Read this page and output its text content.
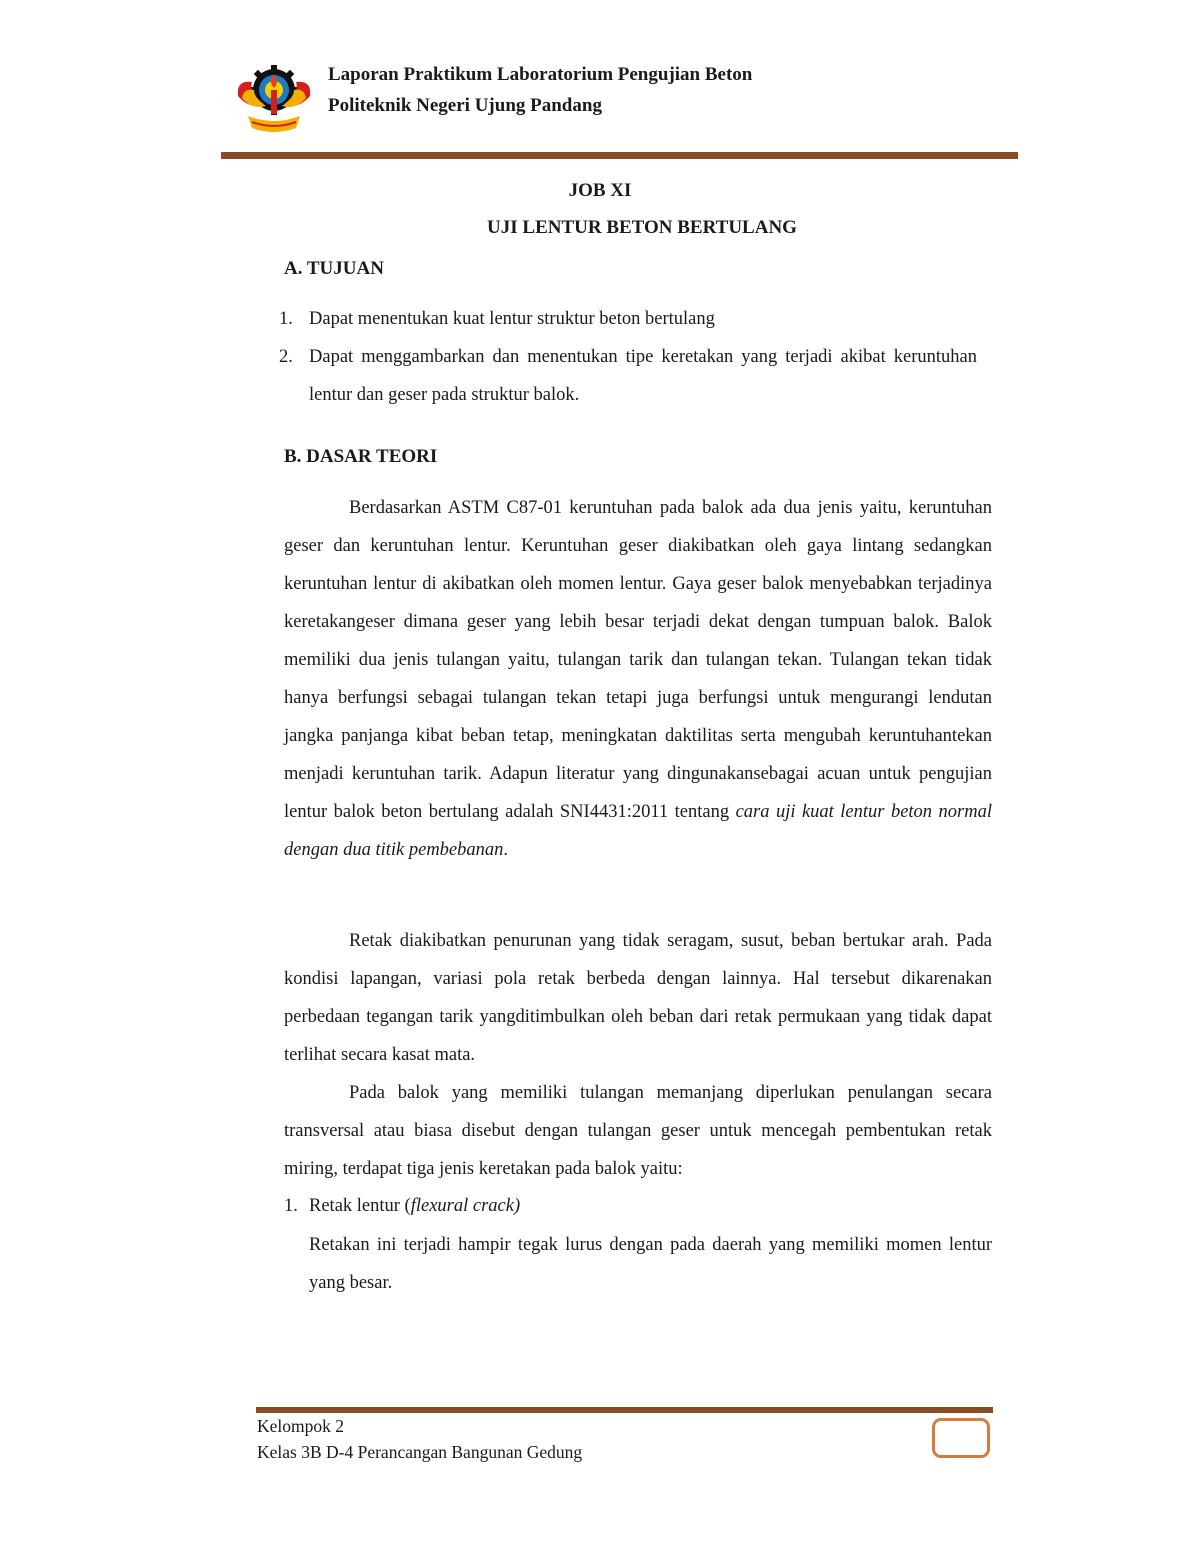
Laporan Praktikum Laboratorium Pengujian Beton
Politeknik Negeri Ujung Pandang
JOB XI
UJI LENTUR BETON BERTULANG
A. TUJUAN
1. Dapat menentukan kuat lentur struktur beton bertulang
2. Dapat menggambarkan dan menentukan tipe keretakan yang terjadi akibat keruntuhan lentur dan geser pada struktur balok.
B. DASAR TEORI
Berdasarkan ASTM C87-01 keruntuhan pada balok ada dua jenis yaitu, keruntuhan geser dan keruntuhan lentur. Keruntuhan geser diakibatkan oleh gaya lintang sedangkan keruntuhan lentur di akibatkan oleh momen lentur. Gaya geser balok menyebabkan terjadinya keretakangeser dimana geser yang lebih besar terjadi dekat dengan tumpuan balok. Balok memiliki dua jenis tulangan yaitu, tulangan tarik dan tulangan tekan. Tulangan tekan tidak hanya berfungsi sebagai tulangan tekan tetapi juga berfungsi untuk mengurangi lendutan jangka panjanga kibat beban tetap, meningkatan daktilitas serta mengubah keruntuhantekan menjadi keruntuhan tarik. Adapun literatur yang dingunakansebagai acuan untuk pengujian lentur balok beton bertulang adalah SNI4431:2011 tentang cara uji kuat lentur beton normal dengan dua titik pembebanan.
Retak diakibatkan penurunan yang tidak seragam, susut, beban bertukar arah. Pada kondisi lapangan, variasi pola retak berbeda dengan lainnya. Hal tersebut dikarenakan perbedaan tegangan tarik yangditimbulkan oleh beban dari retak permukaan yang tidak dapat terlihat secara kasat mata.
Pada balok yang memiliki tulangan memanjang diperlukan penulangan secara transversal atau biasa disebut dengan tulangan geser untuk mencegah pembentukan retak miring, terdapat tiga jenis keretakan pada balok yaitu:
1. Retak lentur (flexural crack)
Retakan ini terjadi hampir tegak lurus dengan pada daerah yang memiliki momen lentur yang besar.
Kelompok 2
Kelas 3B D-4 Perancangan Bangunan Gedung
